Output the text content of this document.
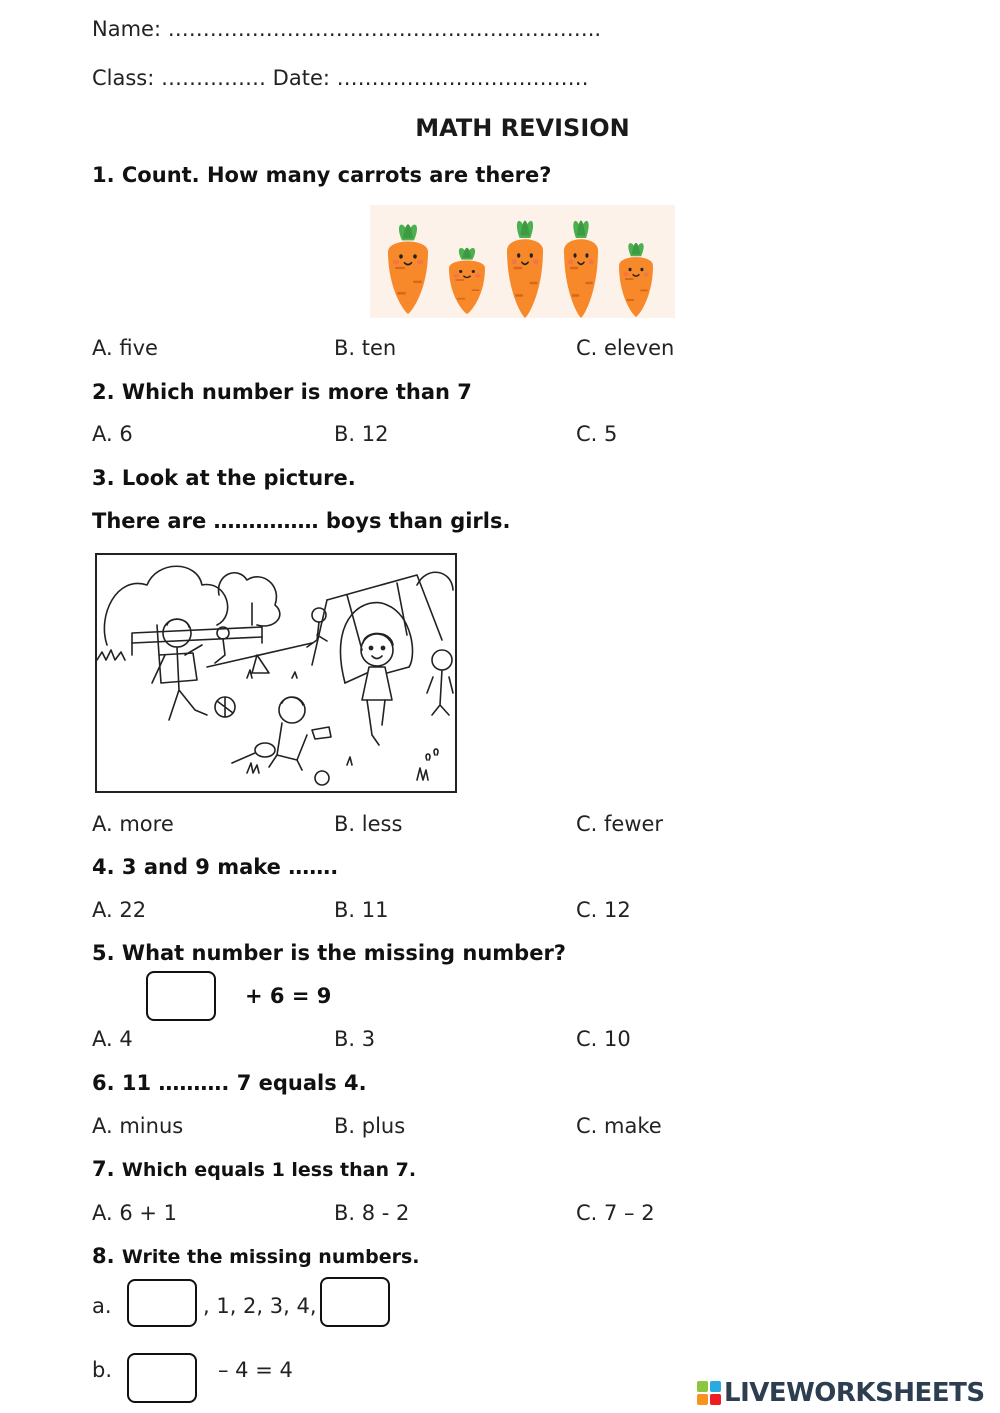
Name: ……………………………………………………..
Class: …………… Date: ………………………………
MATH REVISION
1. Count. How many carrots are there?
A. five	B. ten	C. eleven
2. Which number is more than 7
A. 6	B. 12	C. 5
3. Look at the picture.
There are …………… boys than girls.
A. more	B. less	C. fewer
4. 3 and 9 make …….
A. 22	B. 11	C. 12
5. What number is the missing number?
+ 6 = 9
A. 4	B. 3	C. 10
6. 11 ………. 7 equals 4.
A. minus	B. plus	C. make
7. Which equals 1 less than 7.
A. 6 + 1	B. 8 - 2	C. 7 – 2
8. Write the missing numbers.
a.	, 1, 2, 3, 4,
b.	– 4 = 4
LIVEWORKSHEETS
